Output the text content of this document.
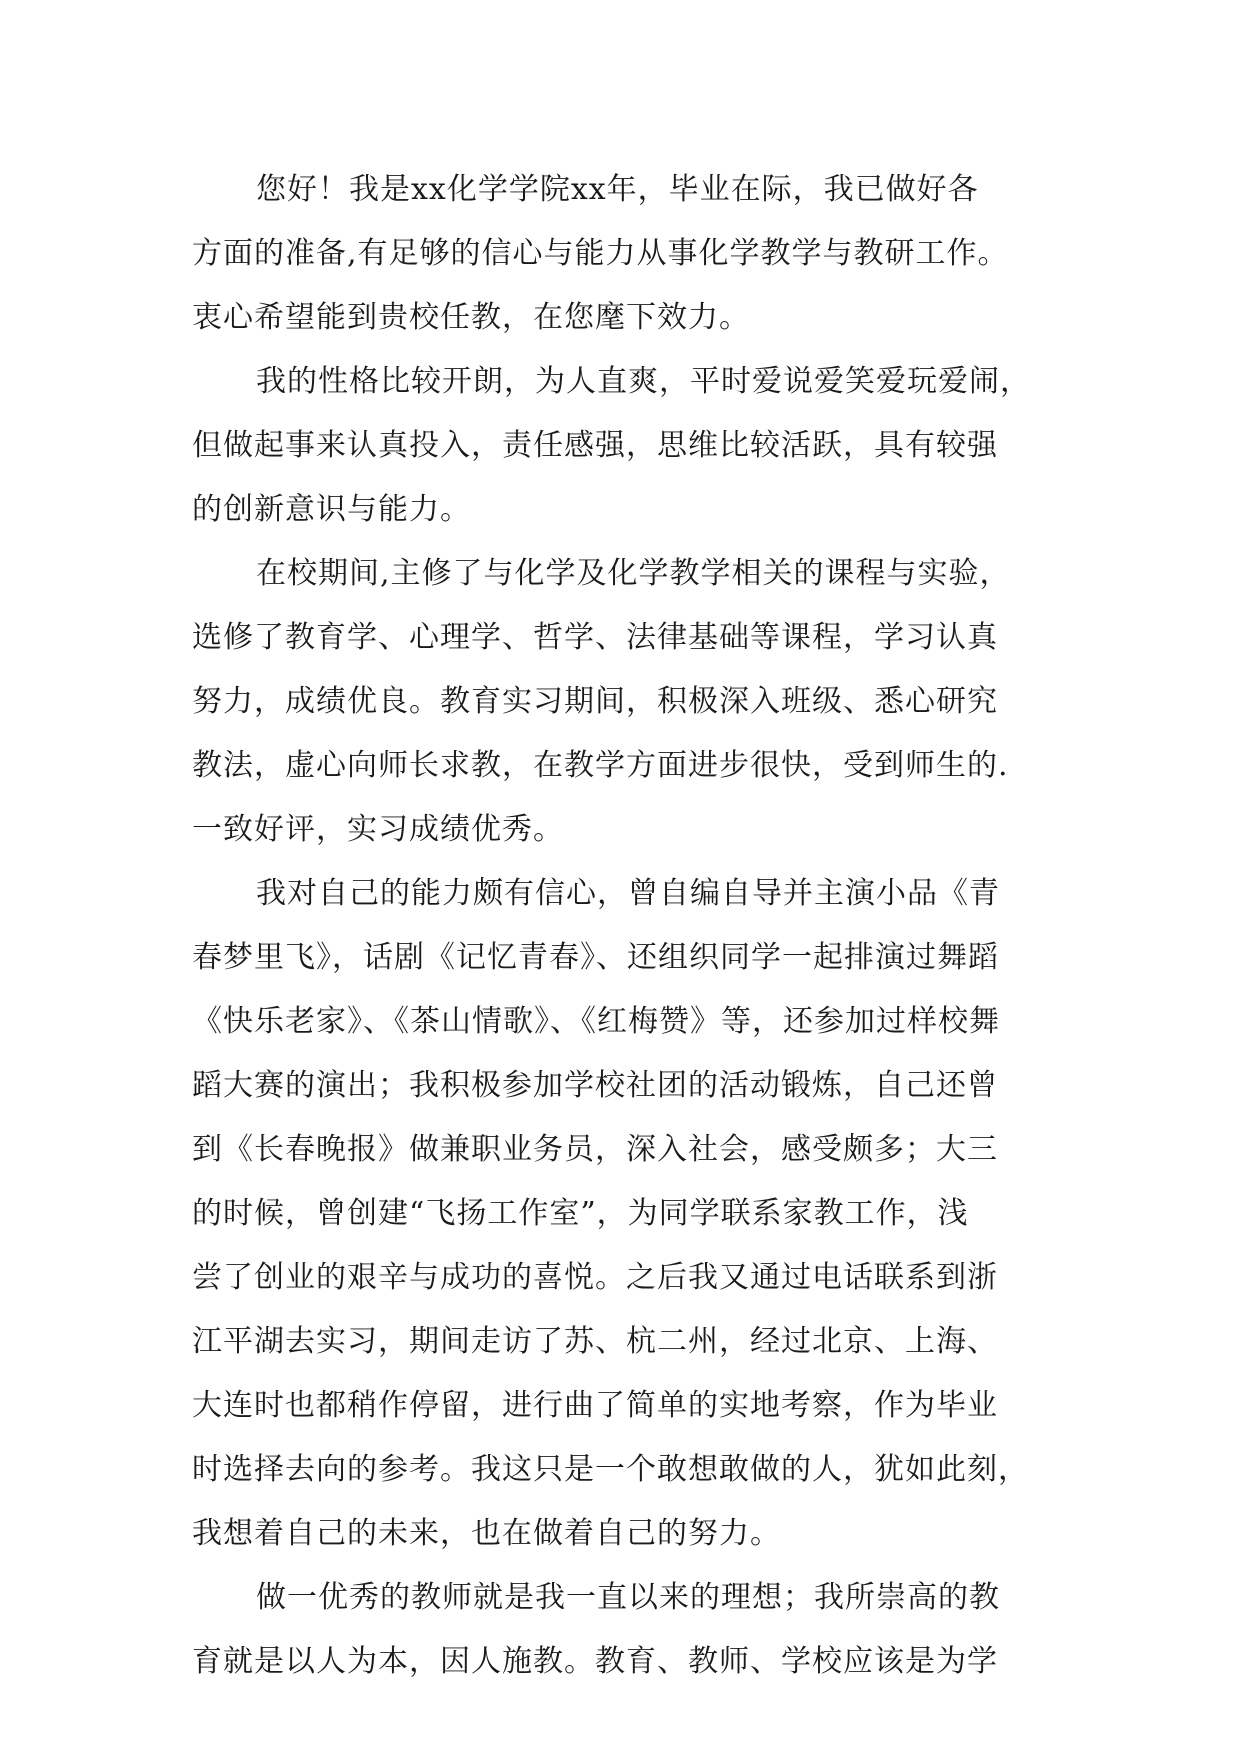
您好！我是xx化学学院xx年，毕业在际，我已做好各
方面的准备,有足够的信心与能力从事化学教学与教研工作。
衷心希望能到贵校任教，在您麾下效力。
我的性格比较开朗，为人直爽，平时爱说爱笑爱玩爱闹，
但做起事来认真投入，责任感强，思维比较活跃，具有较强
的创新意识与能力。
在校期间,主修了与化学及化学教学相关的课程与实验，
选修了教育学、心理学、哲学、法律基础等课程，学习认真
努力，成绩优良。教育实习期间，积极深入班级、悉心研究
教法，虚心向师长求教，在教学方面进步很快，受到师生的.
一致好评，实习成绩优秀。
我对自己的能力颇有信心，曾自编自导并主演小品《青
春梦里飞》，话剧《记忆青春》、还组织同学一起排演过舞蹈
《快乐老家》、《茶山情歌》、《红梅赞》等，还参加过样校舞
蹈大赛的演出；我积极参加学校社团的活动锻炼，自己还曾
到《长春晚报》做兼职业务员，深入社会，感受颇多；大三
的时候，曾创建“飞扬工作室”，为同学联系家教工作，浅
尝了创业的艰辛与成功的喜悦。之后我又通过电话联系到浙
江平湖去实习，期间走访了苏、杭二州，经过北京、上海、
大连时也都稍作停留，进行曲了简单的实地考察，作为毕业
时选择去向的参考。我这只是一个敢想敢做的人，犹如此刻，
我想着自己的未来，也在做着自己的努力。
做一优秀的教师就是我一直以来的理想；我所崇高的教
育就是以人为本，因人施教。教育、教师、学校应该是为学
